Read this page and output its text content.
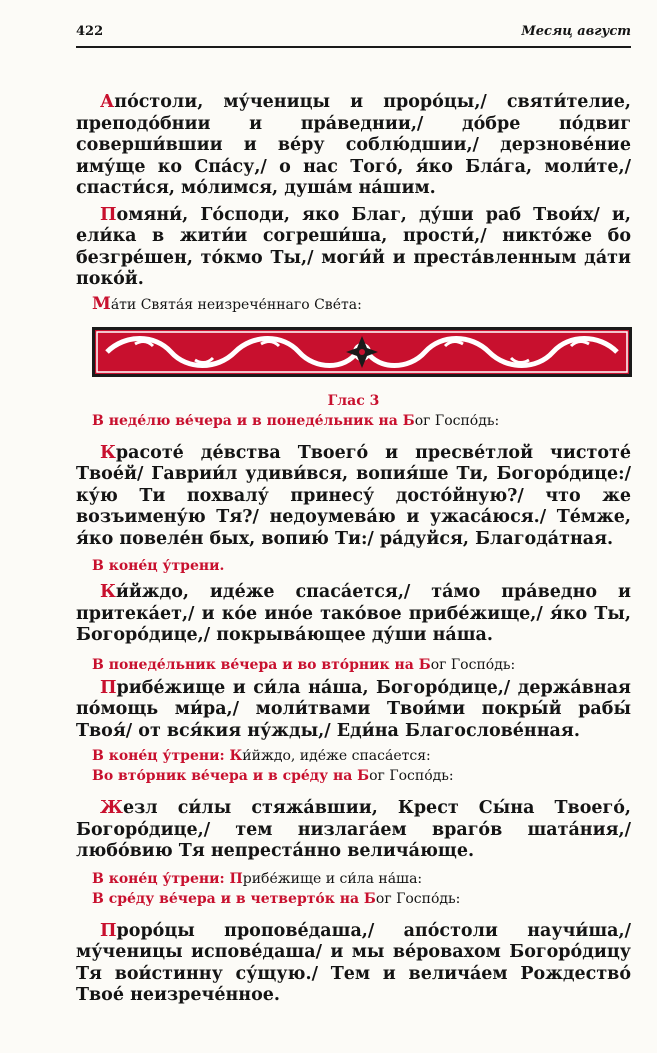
422	Месяц август

Апо́столи, му́ченицы и проро́цы,/ святи́телие, преподо́бнии и пра́веднии,/ до́бре по́двиг соверши́вшии и ве́ру соблю́дшии,/ дерзнове́ние иму́ще ко Спа́су,/ о нас Того́, я́ко Бла́га, моли́те,/ спасти́ся, мо́лимся, душа́м на́шим.

Помяни́, Го́споди, яко Благ, ду́ши раб Твои́х/ и, ели́ка в жити́и согреши́ша, прости́,/ никто́же бо безгре́шен, то́кмо Ты,/ моги́й и преста́вленным да́ти поко́й.

Ма́ти Свята́я неизрече́ннаго Све́та:

Глас 3

В неде́лю ве́чера и в понеде́льник на Бог Госпо́дь:

Красоте́ де́вства Твоего́ и пресве́тлой чистоте́ Твое́й/ Гаврии́л удиви́вся, вопия́ше Ти, Богоро́дице:/ ку́ю Ти похвалу́ принесу́ досто́йную?/ что же возъимену́ю Тя?/ недоумева́ю и ужаса́юся./ Те́мже, я́ко повеле́н бых, вопию́ Ти:/ ра́дуйся, Благода́тная.

В коне́ц у́трени.

Ки́йждо, иде́же спаса́ется,/ та́мо пра́ведно и притека́ет,/ и ко́е ино́е тако́вое прибе́жище,/ я́ко Ты, Богоро́дице,/ покрыва́ющее ду́ши на́ша.

В понеде́льник ве́чера и во вто́рник на Бог Госпо́дь:

Прибе́жище и си́ла на́ша, Богоро́дице,/ держа́вная по́мощь ми́ра,/ моли́твами Твои́ми покры́й рабы́ Твоя́/ от вся́кия ну́жды,/ Еди́на Благослове́нная.

В коне́ц у́трени: Ки́йждо, иде́же спаса́ется:

Во вто́рник ве́чера и в сре́ду на Бог Госпо́дь:

Жезл си́лы стяжа́вшии, Крест Сы́на Твоего́, Богоро́дице,/ тем низлага́ем враго́в шата́ния,/ любо́вию Тя непреста́нно велича́юще.

В коне́ц у́трени: Прибе́жище и си́ла на́ша:

В сре́ду ве́чера и в четверто́к на Бог Госпо́дь:

Проро́цы пропове́даша,/ апо́столи научи́ша,/ му́ченицы испове́даша/ и мы ве́ровахом Богоро́дицу Тя вои́стинну су́щую./ Тем и велича́ем Рождество́ Твое́ неизрече́нное.
